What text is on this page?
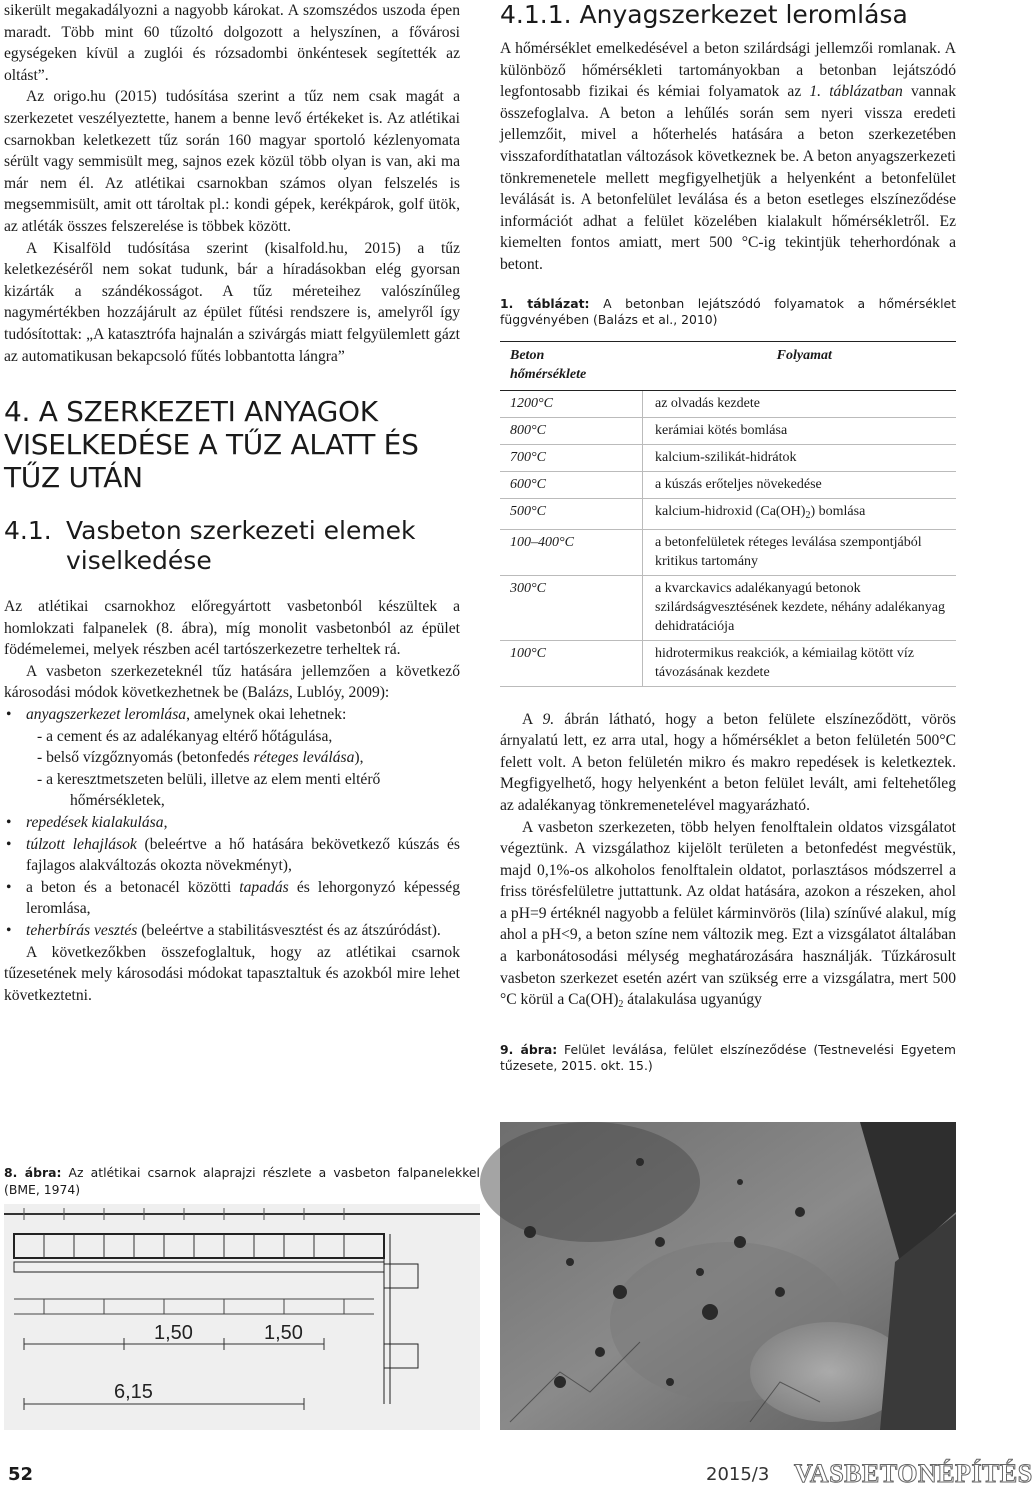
sikerült megakadályozni a nagyobb károkat. A szomszédos uszoda épen maradt. Több mint 60 tűzoltó dolgozott a helyszínen, a fővárosi egységeken kívül a zuglói és rózsadombi önkéntesek segítették az oltást”.

Az origo.hu (2015) tudósítása szerint a tűz nem csak magát a szerkezetet veszélyeztette, hanem a benne levő értékeket is. Az atlétikai csarnokban keletkezett tűz során 160 magyar sportoló kézlenyomata sérült vagy semmisült meg, sajnos ezek közül több olyan is van, aki ma már nem él. Az atlétikai csarnokban számos olyan felszelés is megsemmisült, amit ott tároltak pl.: kondi gépek, kerékpárok, golf ütök, az atléták összes felszerelése is többek között.

A Kisalföld tudósítása szerint (kisalfold.hu, 2015) a tűz keletkezéséről nem sokat tudunk, bár a híradásokban elég gyorsan kizárták a szándékosságot. A tűz méreteihez valószínűleg nagymértékben hozzájárult az épület fűtési rendszere is, amelyről így tudósítottak: „A katasztrófa hajnalán a szivárgás miatt felgyülemlett gázt az automatikusan bekapcsoló fűtés lobbantotta lángra”

4. A SZERKEZETI ANYAGOK VISELKEDÉSE A TŰZ ALATT ÉS TŰZ UTÁN
4.1. Vasbeton szerkezeti elemek
viselkedése

Az atlétikai csarnokhoz előregyártott vasbetonból készültek a homlokzati falpanelek (8. ábra), míg monolit vasbetonból az épület födémelemei, melyek részben acél tartószerkezetre terheltek rá.

A vasbeton szerkezeteknél tűz hatására jellemzően a következő károsodási módok következhetnek be (Balázs, Lublóy, 2009):

• anyagszerkezet leromlása, amelynek okai lehetnek:
- a cement és az adalékanyag eltérő hőtágulása,
- belső vízgőznyomás (betonfedés réteges leválása),
- a keresztmetszeten belüli, illetve az elem menti eltérő
hőmérsékletek,
• repedések kialakulása,
• túlzott lehajlások (beleértve a hő hatására bekövetkező kúszás és fajlagos alakváltozás okozta növekményt),
• a beton és a betonacél közötti tapadás és lehorgonyzó képesség leromlása,
• teherbírás vesztés (beleértve a stabilitásvesztést és az átszúródást).

A következőkben összefoglaltuk, hogy az atlétikai csarnok tűzesetének mely károsodási módokat tapasztaltuk és azokból mire lehet következtetni.

4.1.1. Anyagszerkezet leromlása

A hőmérséklet emelkedésével a beton szilárdsági jellemzői romlanak. A különböző hőmérsékleti tartományokban a betonban lejátszódó legfontosabb fizikai és kémiai folyamatok az 1. táblázatban vannak összefoglalva. A beton a lehűlés során sem nyeri vissza eredeti jellemzőit, mivel a hőterhelés hatására a beton szerkezetében visszafordíthatatlan változások következnek be. A beton anyagszerkezeti tönkremenetele mellett megfigyelhetjük a helyenként a betonfelület leválását is. A betonfelület leválása és a beton esetleges elszíneződése információt adhat a felület közelében kialakult hőmérsékletről. Ez kiemelten fontos amiatt, mert 500 °C-ig tekintjük teherhordónak a betont.

1. táblázat: A betonban lejátszódó folyamatok a hőmérséklet függvényében (Balázs et al., 2010)

Beton
hőmérséklete	Folyamat
1200°C	az olvadás kezdete
800°C	kerámiai kötés bomlása
700°C	kalcium-szilikát-hidrátok
600°C	a kúszás erőteljes növekedése
500°C	kalcium-hidroxid $(Ca(OH)_2)$ bomlása
100–400°C	a betonfelületek réteges leválása szempontjából kritikus tartomány
300°C	a kvarckavics adalékanyagú betonok szilárdságvesztésének kezdete, néhány adalékanyag dehidratációja
100°C	hidrotermikus reakciók, a kémiailag kötött víz távozásának kezdete

A 9. ábrán látható, hogy a beton felülete elszíneződött, vörös árnyalatú lett, ez arra utal, hogy a hőmérséklet a beton felületén 500°C felett volt. A beton felületén mikro és makro repedések is keletkeztek. Megfigyelhető, hogy helyenként a beton felület levált, ami feltehetőleg az adalékanyag tönkremenetelével magyarázható.

A vasbeton szerkezeten, több helyen fenolftalein oldatos vizsgálatot végeztünk. A vizsgálathoz kijelölt területen a betonfedést megvéstük, majd 0,1%-os alkoholos fenolftalein oldatot, porlasztásos módszerrel a friss törésfelületre juttattunk. Az oldat hatására, azokon a részeken, ahol a pH=9 értéknél nagyobb a felület kárminvörös (lila) színűvé alakul, míg ahol a pH<9, a beton színe nem változik meg. Ezt a vizsgálatot általában a karbonátosodási mélység meghatározására használják. Tűzkárosult vasbeton szerkezet esetén azért van szükség erre a vizsgálatra, mert 500 °C körül a $Ca(OH)_2$ átalakulása ugyanúgy

9. ábra: Felület leválása, felület elszíneződése (Testnevelési Egyetem tűzesete, 2015. okt. 15.)

8. ábra: Az atlétikai csarnok alaprajzi részlete a vasbeton falpanelekkel (BME, 1974)

1,50	1,50
6,15
52	2015/3 VASBETONÉPÍTÉS
